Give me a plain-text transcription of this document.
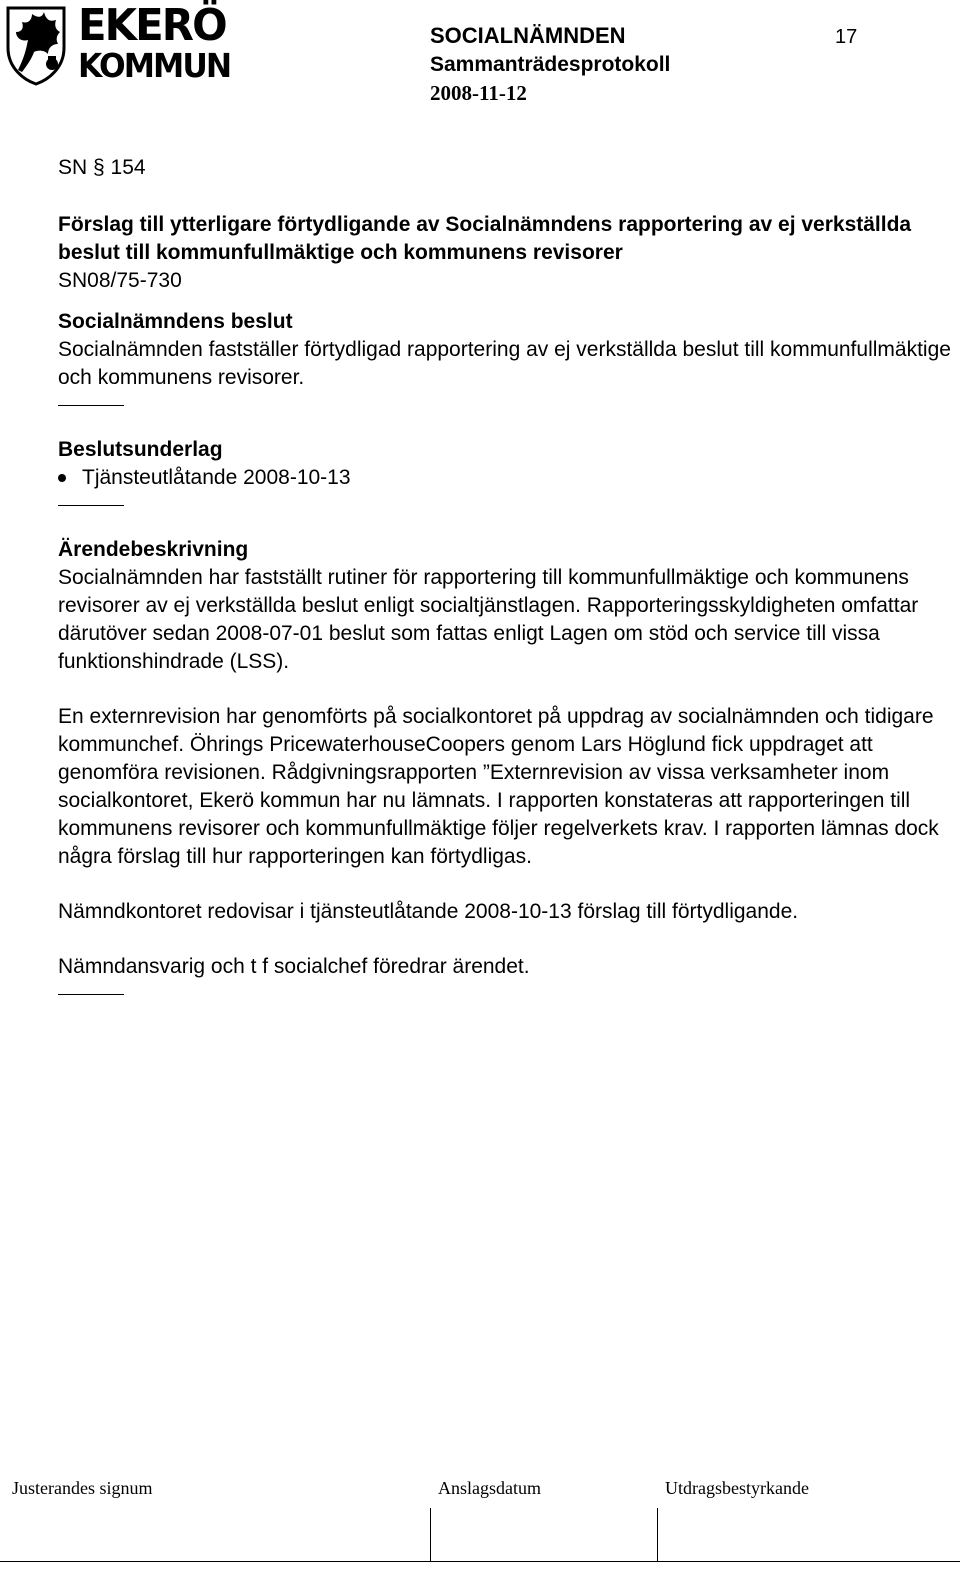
EKERÖ
KOMMUN
SOCIALNÄMNDEN	17
Sammanträdesprotokoll
2008-11-12

SN § 154

Förslag till ytterligare förtydligande av Socialnämndens rapportering av ej verkställda beslut till kommunfullmäktige och kommunens revisorer

SN08/75-730

Socialnämndens beslut

Socialnämnden fastställer förtydligad rapportering av ej verkställda beslut till kommunfullmäktige och kommunens revisorer.

Beslutsunderlag

Tjänsteutlåtande 2008-10-13

Ärendebeskrivning

Socialnämnden har fastställt rutiner för rapportering till kommunfullmäktige och kommunens revisorer av ej verkställda beslut enligt socialtjänstlagen. Rapporteringsskyldigheten omfattar därutöver sedan 2008-07-01 beslut som fattas enligt Lagen om stöd och service till vissa funktionshindrade (LSS).

En externrevision har genomförts på socialkontoret på uppdrag av socialnämnden och tidigare kommunchef. Öhrings PricewaterhouseCoopers genom Lars Höglund fick uppdraget att genomföra revisionen. Rådgivningsrapporten ”Externrevision av vissa verksamheter inom socialkontoret, Ekerö kommun har nu lämnats. I rapporten konstateras att rapporteringen till kommunens revisorer och kommunfullmäktige följer regelverkets krav. I rapporten lämnas dock några förslag till hur rapporteringen kan förtydligas.

Nämndkontoret redovisar i tjänsteutlåtande 2008-10-13 förslag till förtydligande.

Nämndansvarig och t f socialchef föredrar ärendet.

Justerandes signum	Anslagsdatum	Utdragsbestyrkande
